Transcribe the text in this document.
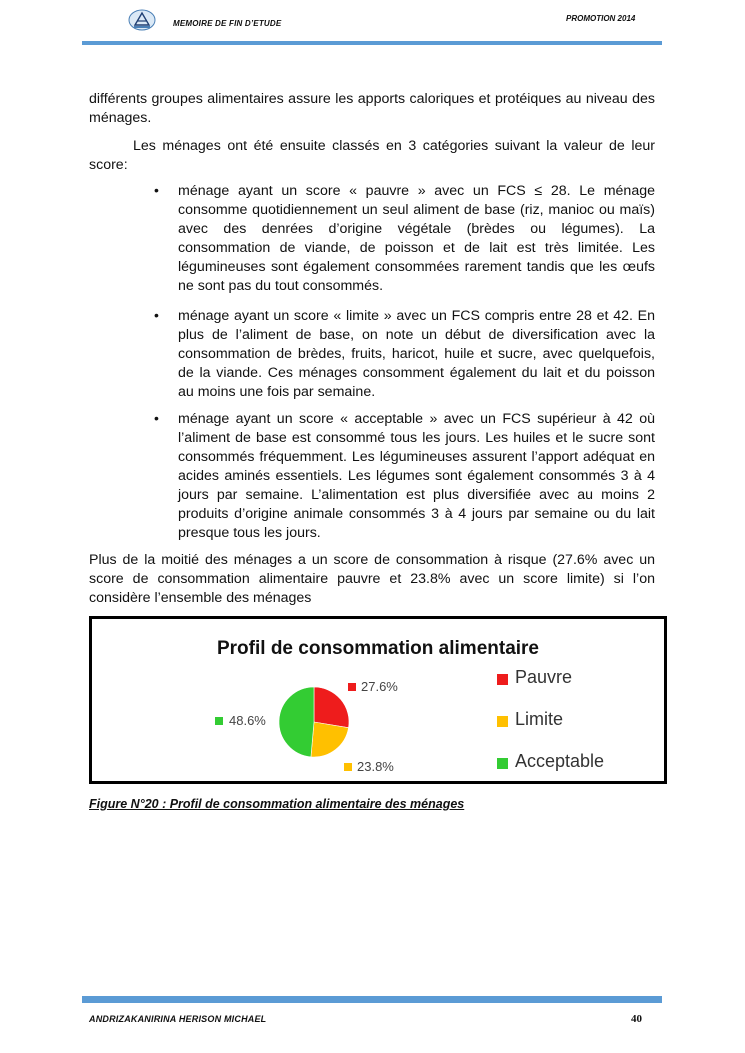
MEMOIRE DE FIN D’ETUDE
PROMOTION 2014
différents groupes alimentaires assure les apports caloriques et protéiques au niveau des ménages.
Les ménages ont été ensuite classés en 3 catégories suivant la valeur de leur score:
• ménage ayant un score « pauvre » avec un FCS ≤ 28. Le ménage consomme quotidiennement un seul aliment de base (riz, manioc ou maïs) avec des denrées d’origine végétale (brèdes ou légumes). La consommation de viande, de poisson et de lait est très limitée. Les légumineuses sont également consommées rarement tandis que les œufs ne sont pas du tout consommés.
• ménage ayant un score « limite » avec un FCS compris entre 28 et 42. En plus de l’aliment de base, on note un début de diversification avec la consommation de brèdes, fruits, haricot, huile et sucre, avec quelquefois, de la viande. Ces ménages consomment également du lait et du poisson au moins une fois par semaine.
• ménage ayant un score « acceptable » avec un FCS supérieur à 42 où l’aliment de base est consommé tous les jours. Les huiles et le sucre sont consommés fréquemment. Les légumineuses assurent l’apport adéquat en acides aminés essentiels. Les légumes sont également consommés 3 à 4 jours par semaine. L’alimentation est plus diversifiée avec au moins 2 produits d’origine animale consommés 3 à 4 jours par semaine ou du lait presque tous les jours.
Plus de la moitié des ménages a un score de consommation à risque (27.6% avec un score de consommation alimentaire pauvre et 23.8% avec un score limite) si l’on considère l’ensemble des ménages
Profil de consommation alimentaire
27.6%
23.8%
48.6%
Pauvre
Limite
Acceptable
Figure N°20 : Profil de consommation alimentaire des ménages
ANDRIZAKANIRINA HERISON MICHAEL	40
